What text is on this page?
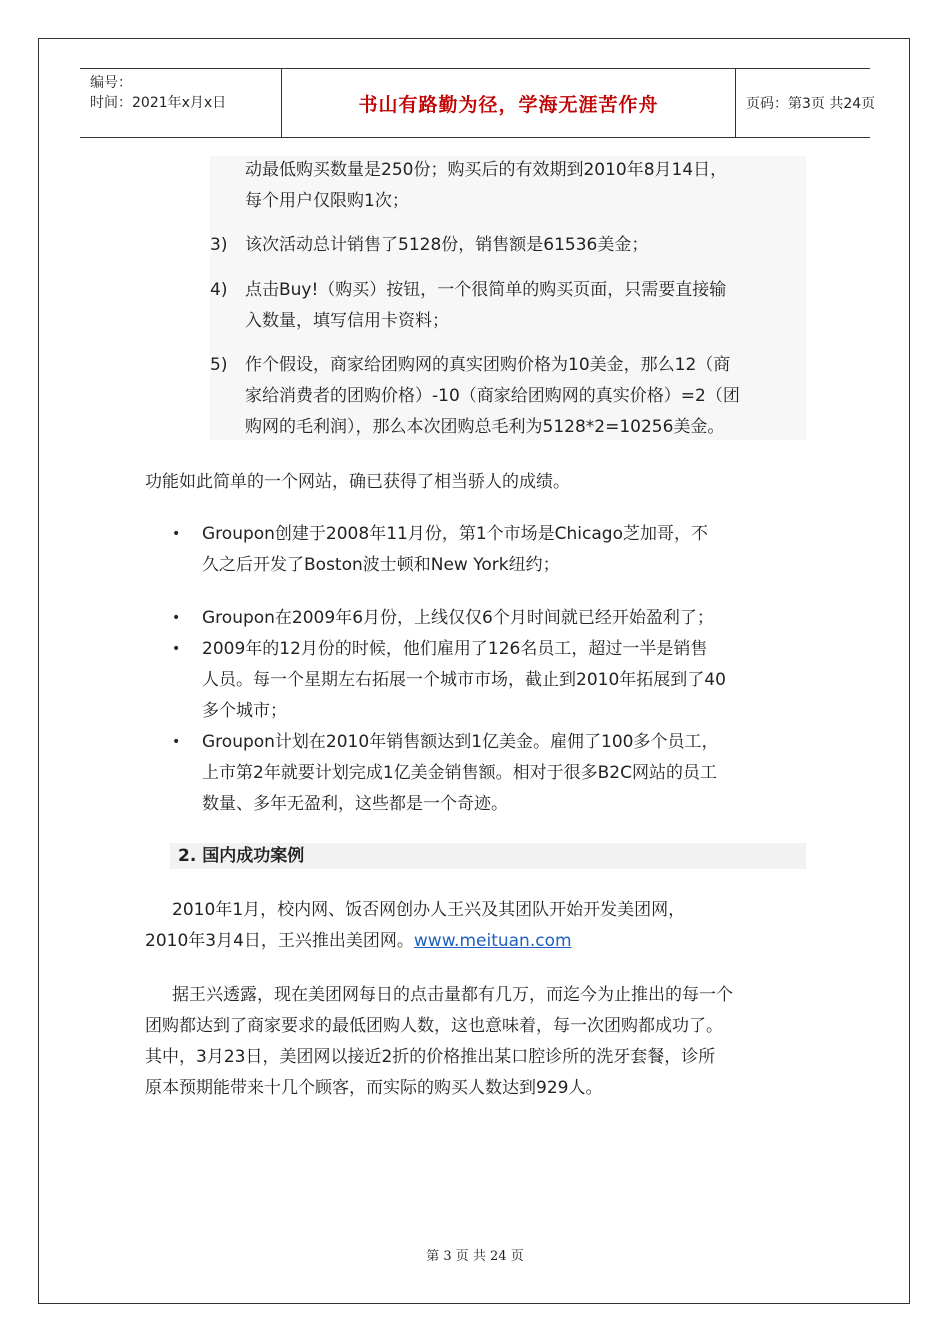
编号：
时间：2021年x月x日	书山有路勤为径，学海无涯苦作舟	页码：第3页 共24页
动最低购买数量是250份；购买后的有效期到2010年8月14日，
每个用户仅限购1次；
3) 该次活动总计销售了5128份，销售额是61536美金；
4) 点击Buy!（购买）按钮，一个很简单的购买页面，只需要直接输
入数量，填写信用卡资料；
5) 作个假设，商家给团购网的真实团购价格为10美金，那么12（商
家给消费者的团购价格）-10（商家给团购网的真实价格）=2（团
购网的毛利润），那么本次团购总毛利为5128*2=10256美金。
功能如此简单的一个网站，确已获得了相当骄人的成绩。
• Groupon创建于2008年11月份，第1个市场是Chicago芝加哥，不
久之后开发了Boston波士顿和New York纽约；
• Groupon在2009年6月份，上线仅仅6个月时间就已经开始盈利了；
• 2009年的12月份的时候，他们雇用了126名员工，超过一半是销售
人员。每一个星期左右拓展一个城市市场，截止到2010年拓展到了40
多个城市；
• Groupon计划在2010年销售额达到1亿美金。雇佣了100多个员工，
上市第2年就要计划完成1亿美金销售额。相对于很多B2C网站的员工
数量、多年无盈利，这些都是一个奇迹。
2. 国内成功案例
2010年1月，校内网、饭否网创办人王兴及其团队开始开发美团网，
2010年3月4日，王兴推出美团网。www.meituan.com
据王兴透露，现在美团网每日的点击量都有几万，而迄今为止推出的每一个
团购都达到了商家要求的最低团购人数，这也意味着，每一次团购都成功了。
其中，3月23日，美团网以接近2折的价格推出某口腔诊所的洗牙套餐，诊所
原本预期能带来十几个顾客，而实际的购买人数达到929人。
第 3 页 共 24 页
